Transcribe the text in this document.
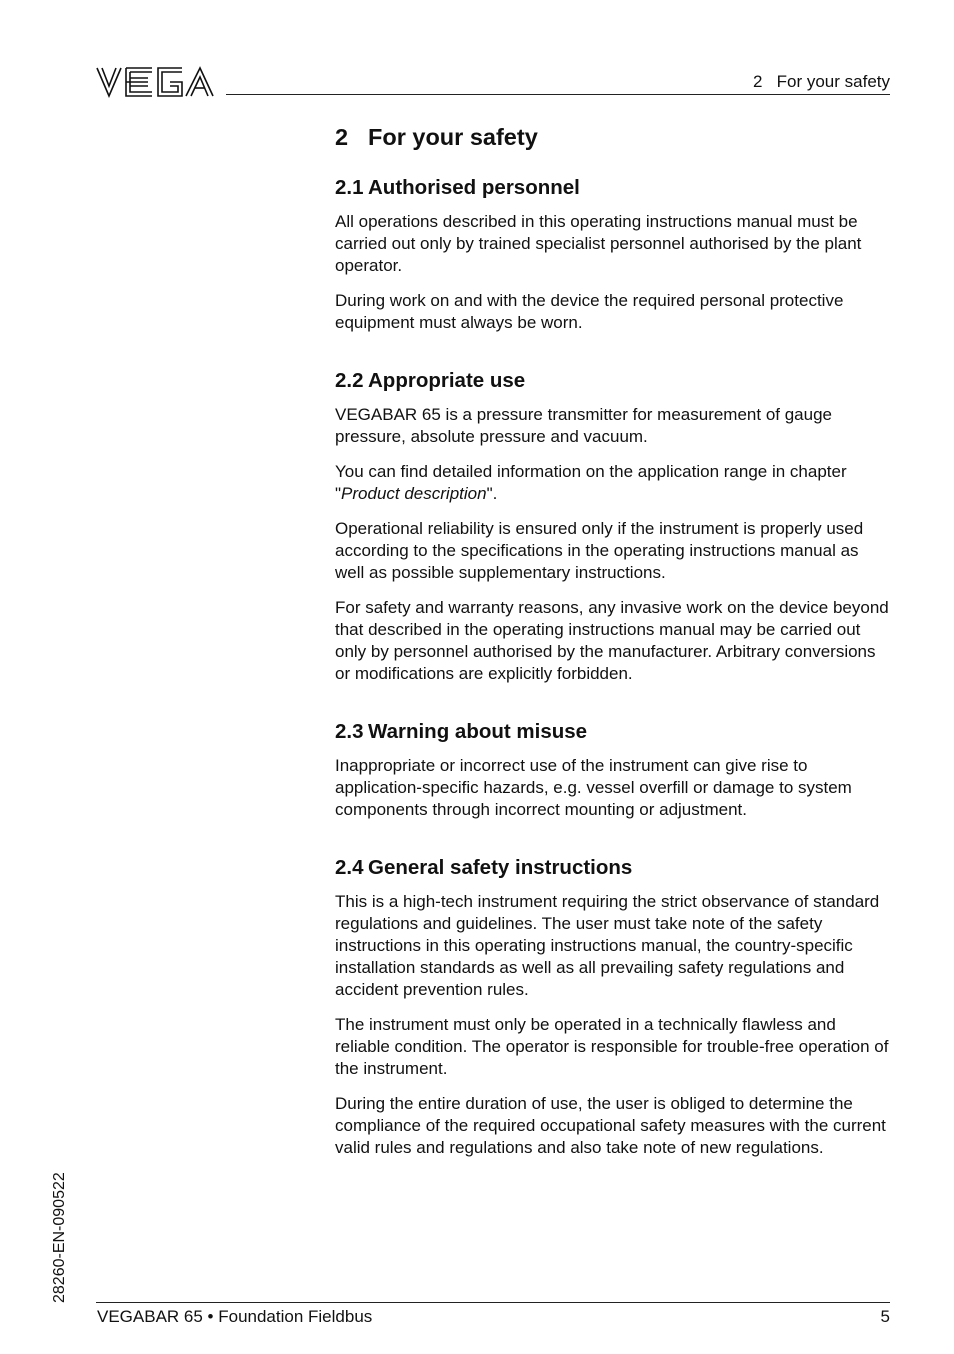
2   For your safety
2 For your safety
2.1 Authorised personnel

All operations described in this operating instructions manual must be carried out only by trained specialist personnel authorised by the plant operator.

During work on and with the device the required personal protective equipment must always be worn.

2.2 Appropriate use

VEGABAR 65 is a pressure transmitter for measurement of gauge pressure, absolute pressure and vacuum.

You can find detailed information on the application range in chapter "Product description".

Operational reliability is ensured only if the instrument is properly used according to the specifications in the operating instructions manual as well as possible supplementary instructions.

For safety and warranty reasons, any invasive work on the device beyond that described in the operating instructions manual may be carried out only by personnel authorised by the manufacturer. Arbitrary conversions or modifications are explicitly forbidden.

2.3 Warning about misuse

Inappropriate or incorrect use of the instrument can give rise to application-specific hazards, e.g. vessel overfill or damage to system components through incorrect mounting or adjustment.

2.4 General safety instructions

This is a high-tech instrument requiring the strict observance of standard regulations and guidelines. The user must take note of the safety instructions in this operating instructions manual, the country-specific installation standards as well as all prevailing safety regulations and accident prevention rules.

The instrument must only be operated in a technically flawless and reliable condition. The operator is responsible for trouble-free operation of the instrument.

During the entire duration of use, the user is obliged to determine the compliance of the required occupational safety measures with the current valid rules and regulations and also take note of new regulations.

28260-EN-090522
VEGABAR 65 • Foundation Fieldbus	5
